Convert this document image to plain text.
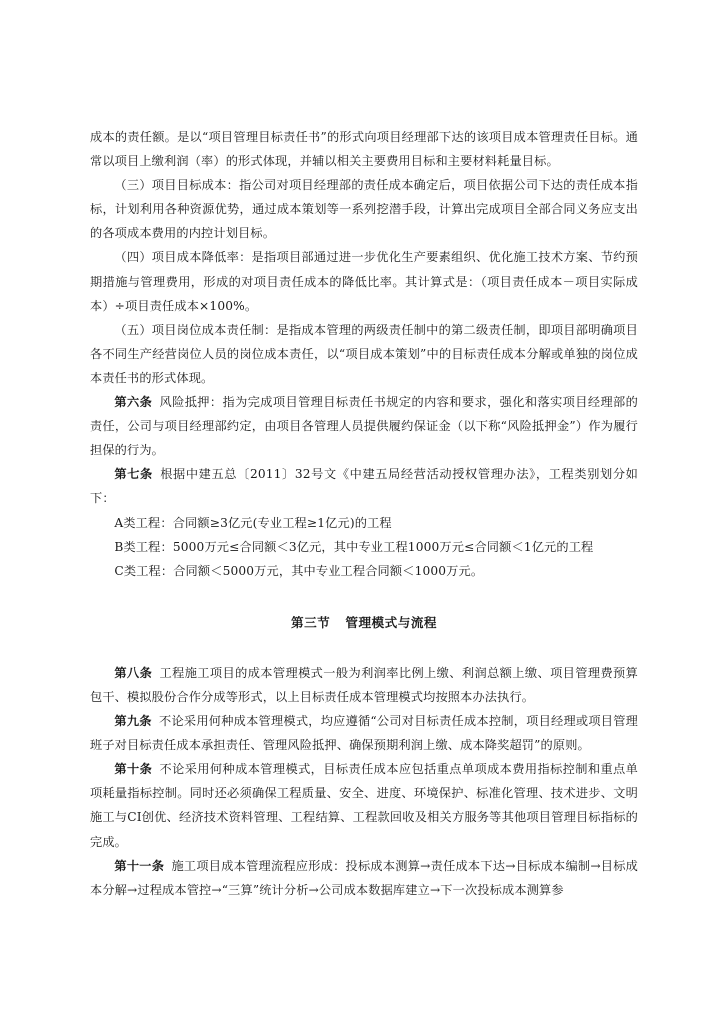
成本的责任额。是以“项目管理目标责任书”的形式向项目经理部下达的该项目成本管理责任目标。通常以项目上缴利润（率）的形式体现，并辅以相关主要费用目标和主要材料耗量目标。

（三）项目目标成本：指公司对项目经理部的责任成本确定后，项目依据公司下达的责任成本指标，计划利用各种资源优势，通过成本策划等一系列挖潜手段，计算出完成项目全部合同义务应支出的各项成本费用的内控计划目标。

（四）项目成本降低率：是指项目部通过进一步优化生产要素组织、优化施工技术方案、节约预期措施与管理费用，形成的对项目责任成本的降低比率。其计算式是：（项目责任成本－项目实际成本）÷项目责任成本×100%。

（五）项目岗位成本责任制：是指成本管理的两级责任制中的第二级责任制，即项目部明确项目各不同生产经营岗位人员的岗位成本责任，以“项目成本策划”中的目标责任成本分解或单独的岗位成本责任书的形式体现。

第六条 风险抵押：指为完成项目管理目标责任书规定的内容和要求，强化和落实项目经理部的责任，公司与项目经理部约定，由项目各管理人员提供履约保证金（以下称“风险抵押金”）作为履行担保的行为。

第七条 根据中建五总〔2011〕32号文《中建五局经营活动授权管理办法》，工程类别划分如下：

A类工程：合同额≥3亿元(专业工程≥1亿元)的工程

B类工程：5000万元≤合同额＜3亿元，其中专业工程1000万元≤合同额＜1亿元的工程

C类工程：合同额＜5000万元，其中专业工程合同额＜1000万元。

第三节 管理模式与流程

第八条 工程施工项目的成本管理模式一般为利润率比例上缴、利润总额上缴、项目管理费预算包干、模拟股份合作分成等形式，以上目标责任成本管理模式均按照本办法执行。

第九条 不论采用何种成本管理模式，均应遵循“公司对目标责任成本控制，项目经理或项目管理班子对目标责任成本承担责任、管理风险抵押、确保预期利润上缴、成本降奖超罚”的原则。

第十条 不论采用何种成本管理模式，目标责任成本应包括重点单项成本费用指标控制和重点单项耗量指标控制。同时还必须确保工程质量、安全、进度、环境保护、标准化管理、技术进步、文明施工与CI创优、经济技术资料管理、工程结算、工程款回收及相关方服务等其他项目管理目标指标的完成。

第十一条 施工项目成本管理流程应形成：投标成本测算→责任成本下达→目标成本编制→目标成本分解→过程成本管控→“三算”统计分析→公司成本数据库建立→下一次投标成本测算参
